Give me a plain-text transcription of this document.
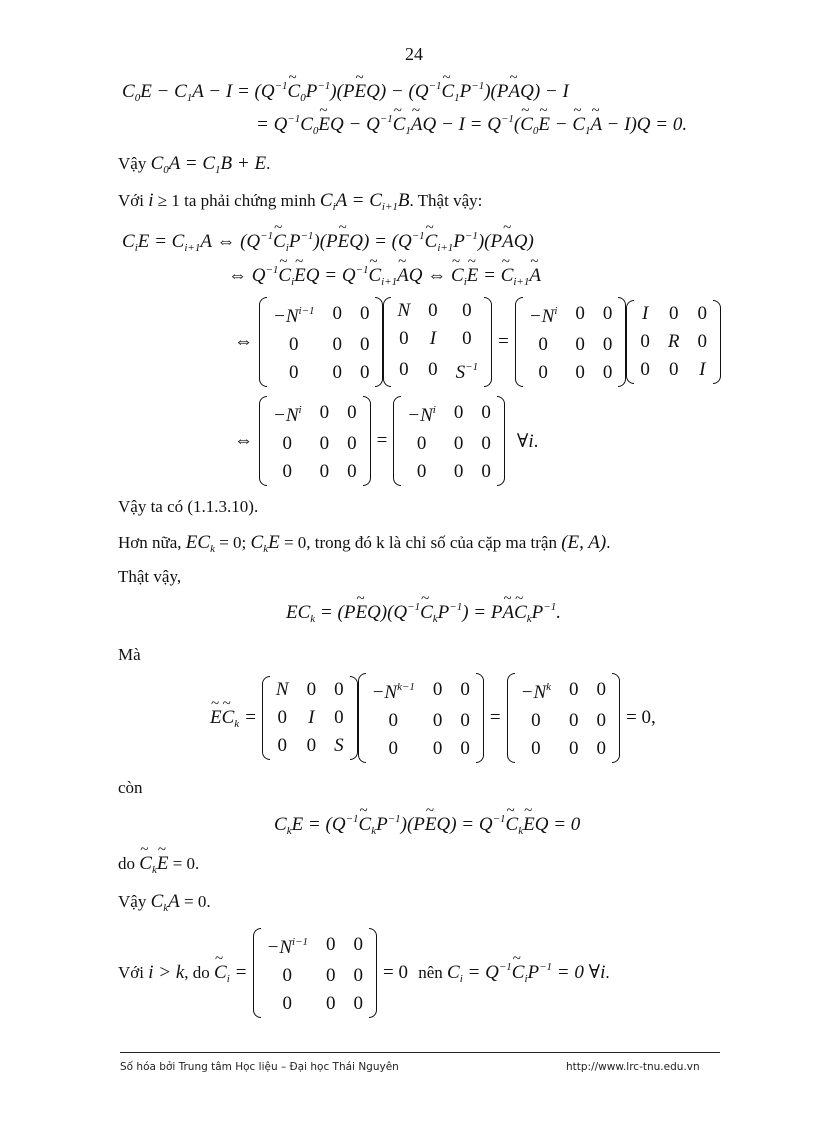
24
$C_0E - C_1A - I$ = ($Q^{-1}\sim$ $C_0P^{-1})(P\sim$ $EQ) - (Q^{-1}\sim$ $C_1P^{-1})(P\sim$ AQ) − I
= $Q^{-1}C_0\sim$ EQ − $Q^{-1}\sim$ $C_1\sim$ AQ − $I = Q^{-1}(\sim$ $C_0\sim$ E − ~ $C_1\sim$ A − I)Q = 0.
Vậy $C_0A = C_1B + E$.
Với i ≥ 1 ta phải chứng minh $C_iA = C_{i+1}B$. Thật vậy:
$C_iE = C_{i+1}A$ ⇔ ($Q^{-1}\sim$ $C_iP^{-1})(P\sim$ $EQ) = (Q^{-1}\sim$ $C_{i+1}P^{-1})(P\sim$ AQ)
⇔ $Q^{-1}\sim$ $C_i\sim$ EQ = $Q^{-1}\sim$ $C_{i+1}\sim$ AQ ⇔ ~ $C_i\sim$ E = ~ $C_{i+1}\sim$ A
⇔
$-N^{i-1}$ 0 0
0	0 0
0	0 0
N 0	0
0 I	0
0 0 $S^{-1}$
=
$-N^i$ 0 0
0	0 0
0	0 0
I 0 0
0 R 0
0 0 I
⇔
$-N^i$ 0 0
0	0 0
0	0 0
=
$-N^i$ 0 0
0	0 0
0	0 0
∀i.
Vậy ta có (1.1.3.10).
Hơn nữa, $EC_k = 0$; $C_kE = 0$, trong đó k là chỉ số của cặp ma trận (E, A).
Thật vậy,
$EC_k$ = (P~ $EQ)(Q^{-1}\sim$ $C_kP^{-1}$) = P~ A~ $C_kP^{-1}$.
Mà
~ E~ $C_k$ =
N 0 0
0 I 0
0 0 S
$-N^{k-1}$ 0 0
0	0 0
0	0 0
=
$-N^k$ 0 0
0	0 0
0	0 0
= 0,
còn
$C_kE$ = ($Q^{-1}\sim$ $C_kP^{-1})(P\sim$ $EQ) = Q^{-1}\sim$ $C_k\sim$ EQ = 0
do ~ $C_k\sim$ E = 0.
Vậy $C_kA = 0$.
Với
i > k , do
~ $C_i$ =
$-N^{i-1}$ 0 0
0	0 0
0	0 0
= 0
nên
$C_i$ = $Q^{-1}\sim$ $C_iP^{-1} = 0$ ∀i .
Số hóa bởi Trung tâm Học liệu – Đại học Thái Nguyên	http://www.lrc-tnu.edu.vn
